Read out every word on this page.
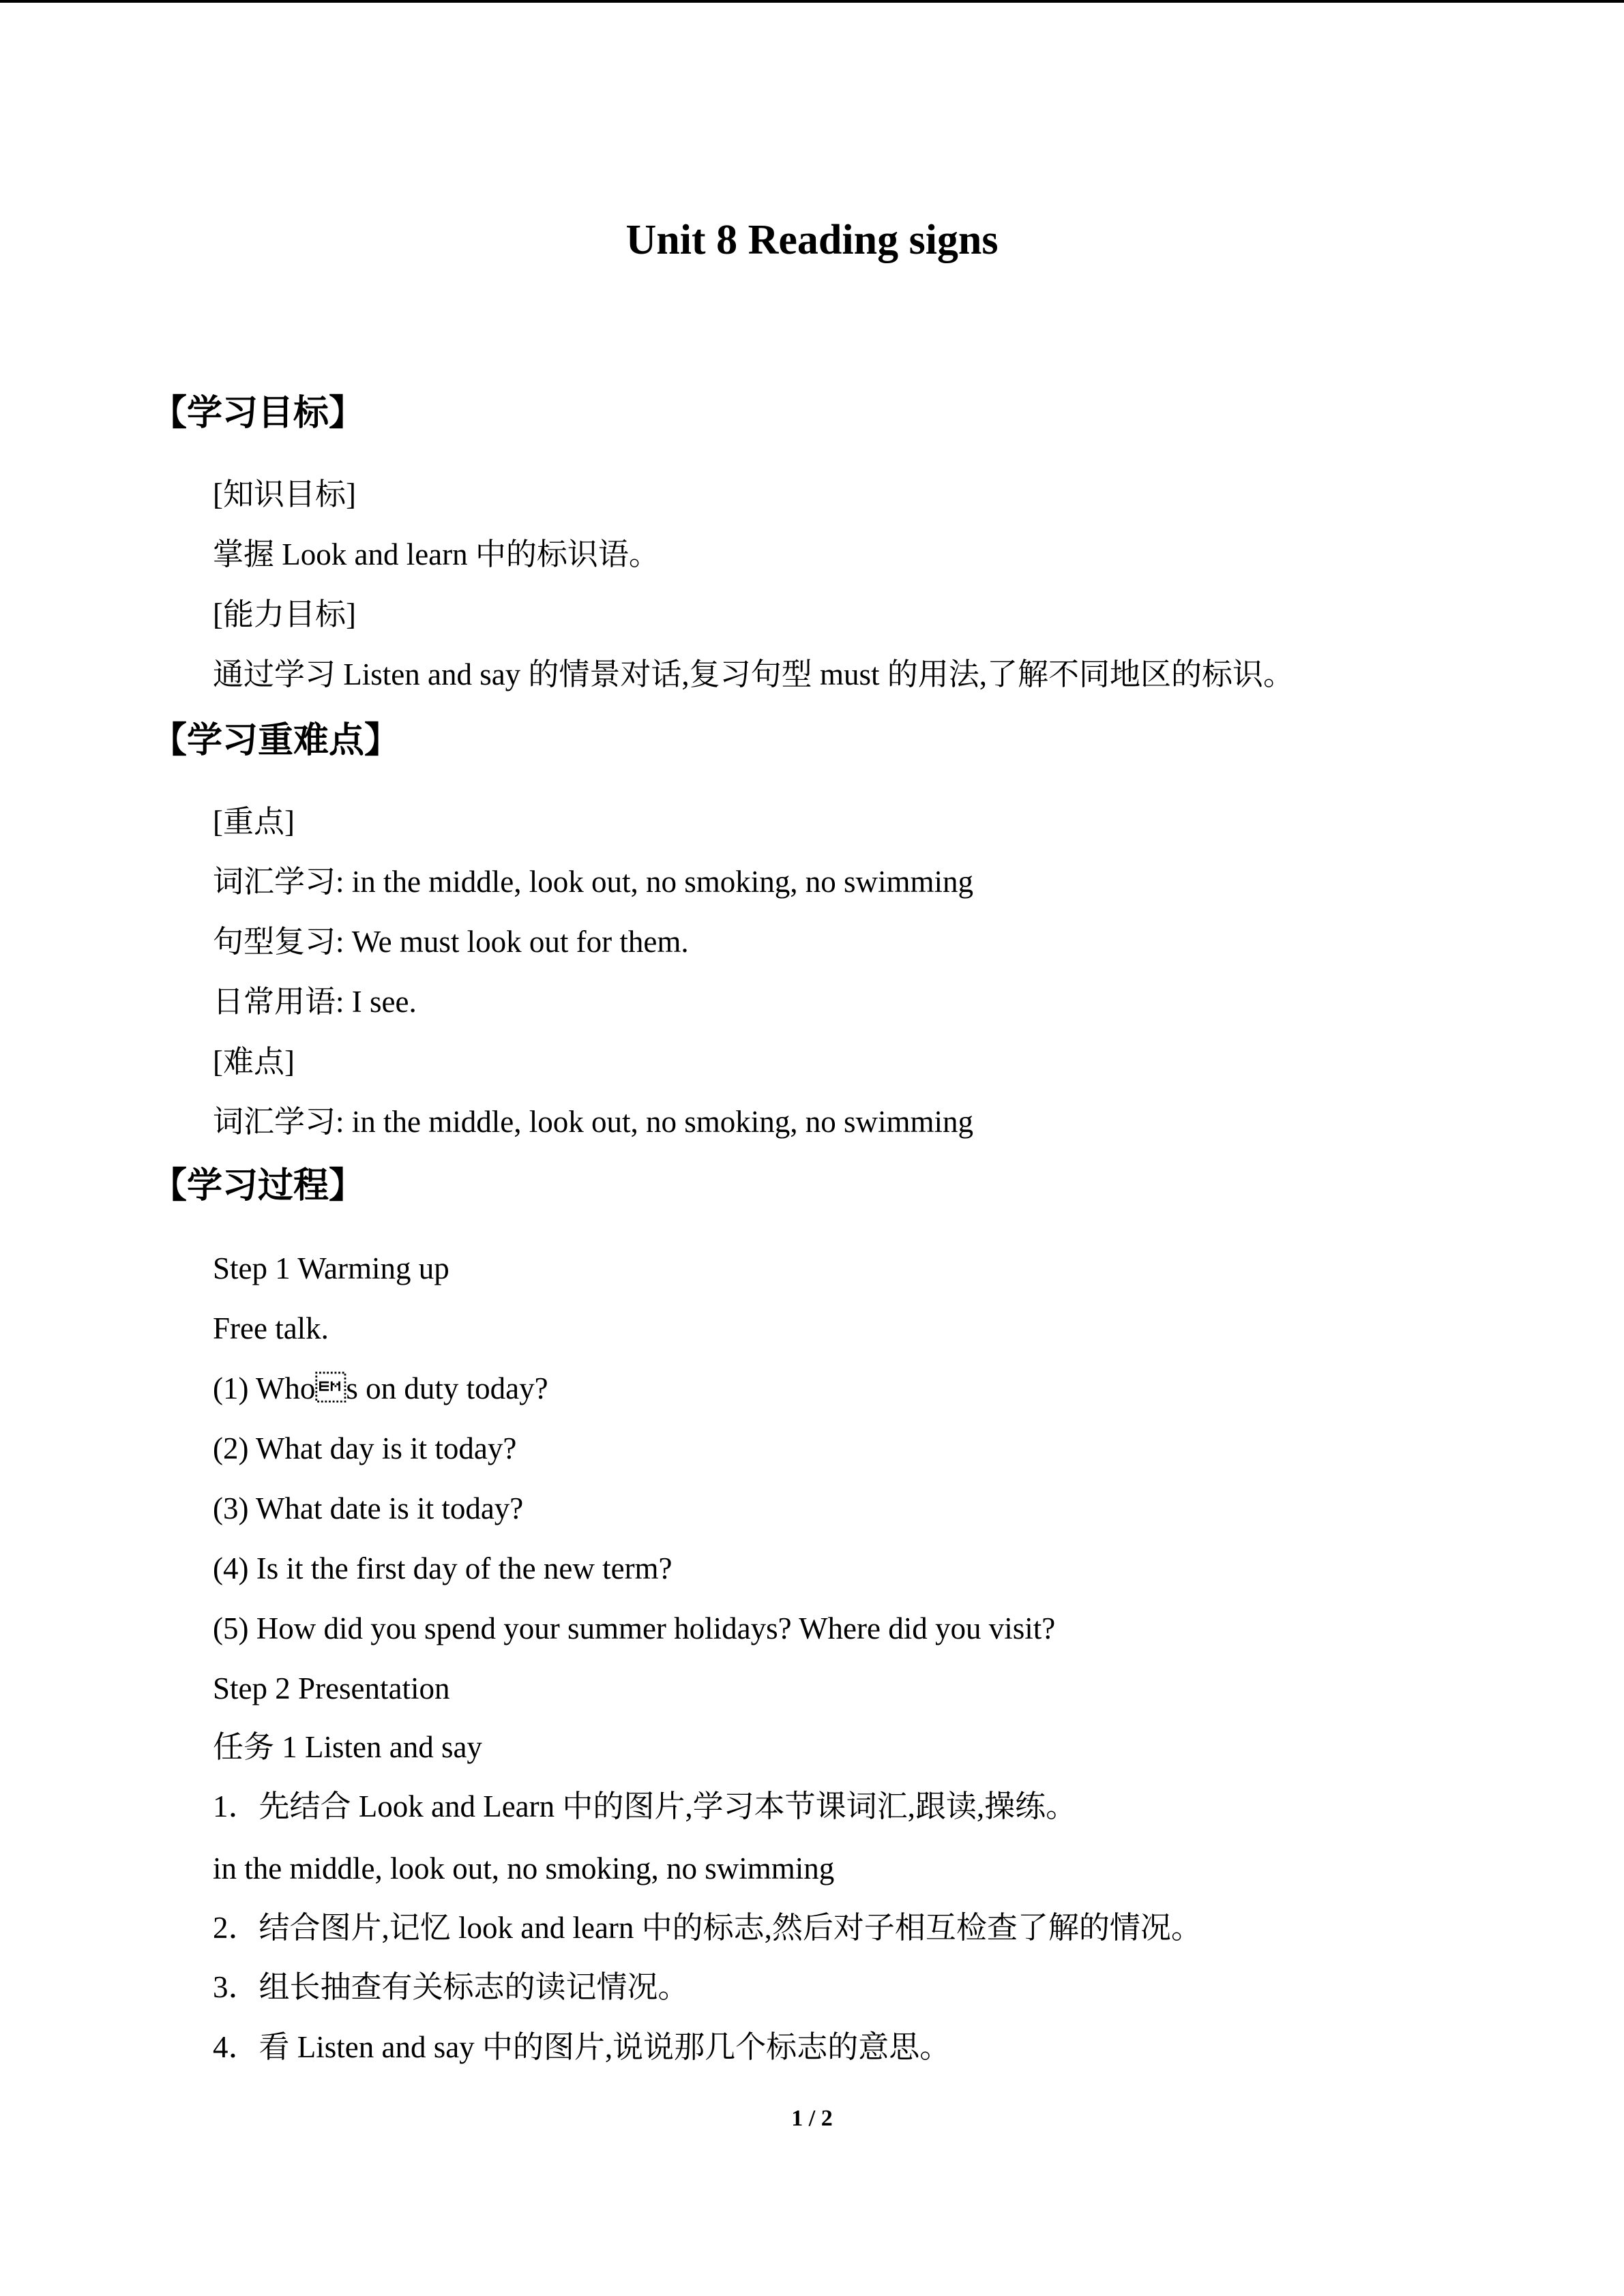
Unit 8 Reading signs
【学习目标】
[知识目标]
掌握 Look and learn 中的标识语。
[能力目标]
通过学习 Listen and say 的情景对话,复习句型 must 的用法,了解不同地区的标识。
【学习重难点】
[重点]
词汇学习: in the middle, look out, no smoking, no swimming
句型复习: We must look out for them.
日常用语: I see.
[难点]
词汇学习: in the middle, look out, no smoking, no swimming
【学习过程】
Step 1 Warming up
Free talk.
(1) Whos on duty today?
(2) What day is it today?
(3) What date is it today?
(4) Is it the first day of the new term?
(5) How did you spend your summer holidays? Where did you visit?
Step 2 Presentation
任务 1 Listen and say
1．先结合 Look and Learn 中的图片,学习本节课词汇,跟读,操练。
in the middle, look out, no smoking, no swimming
2．结合图片,记忆 look and learn 中的标志,然后对子相互检查了解的情况。
3．组长抽查有关标志的读记情况。
4．看 Listen and say 中的图片,说说那几个标志的意思。
1 / 2
